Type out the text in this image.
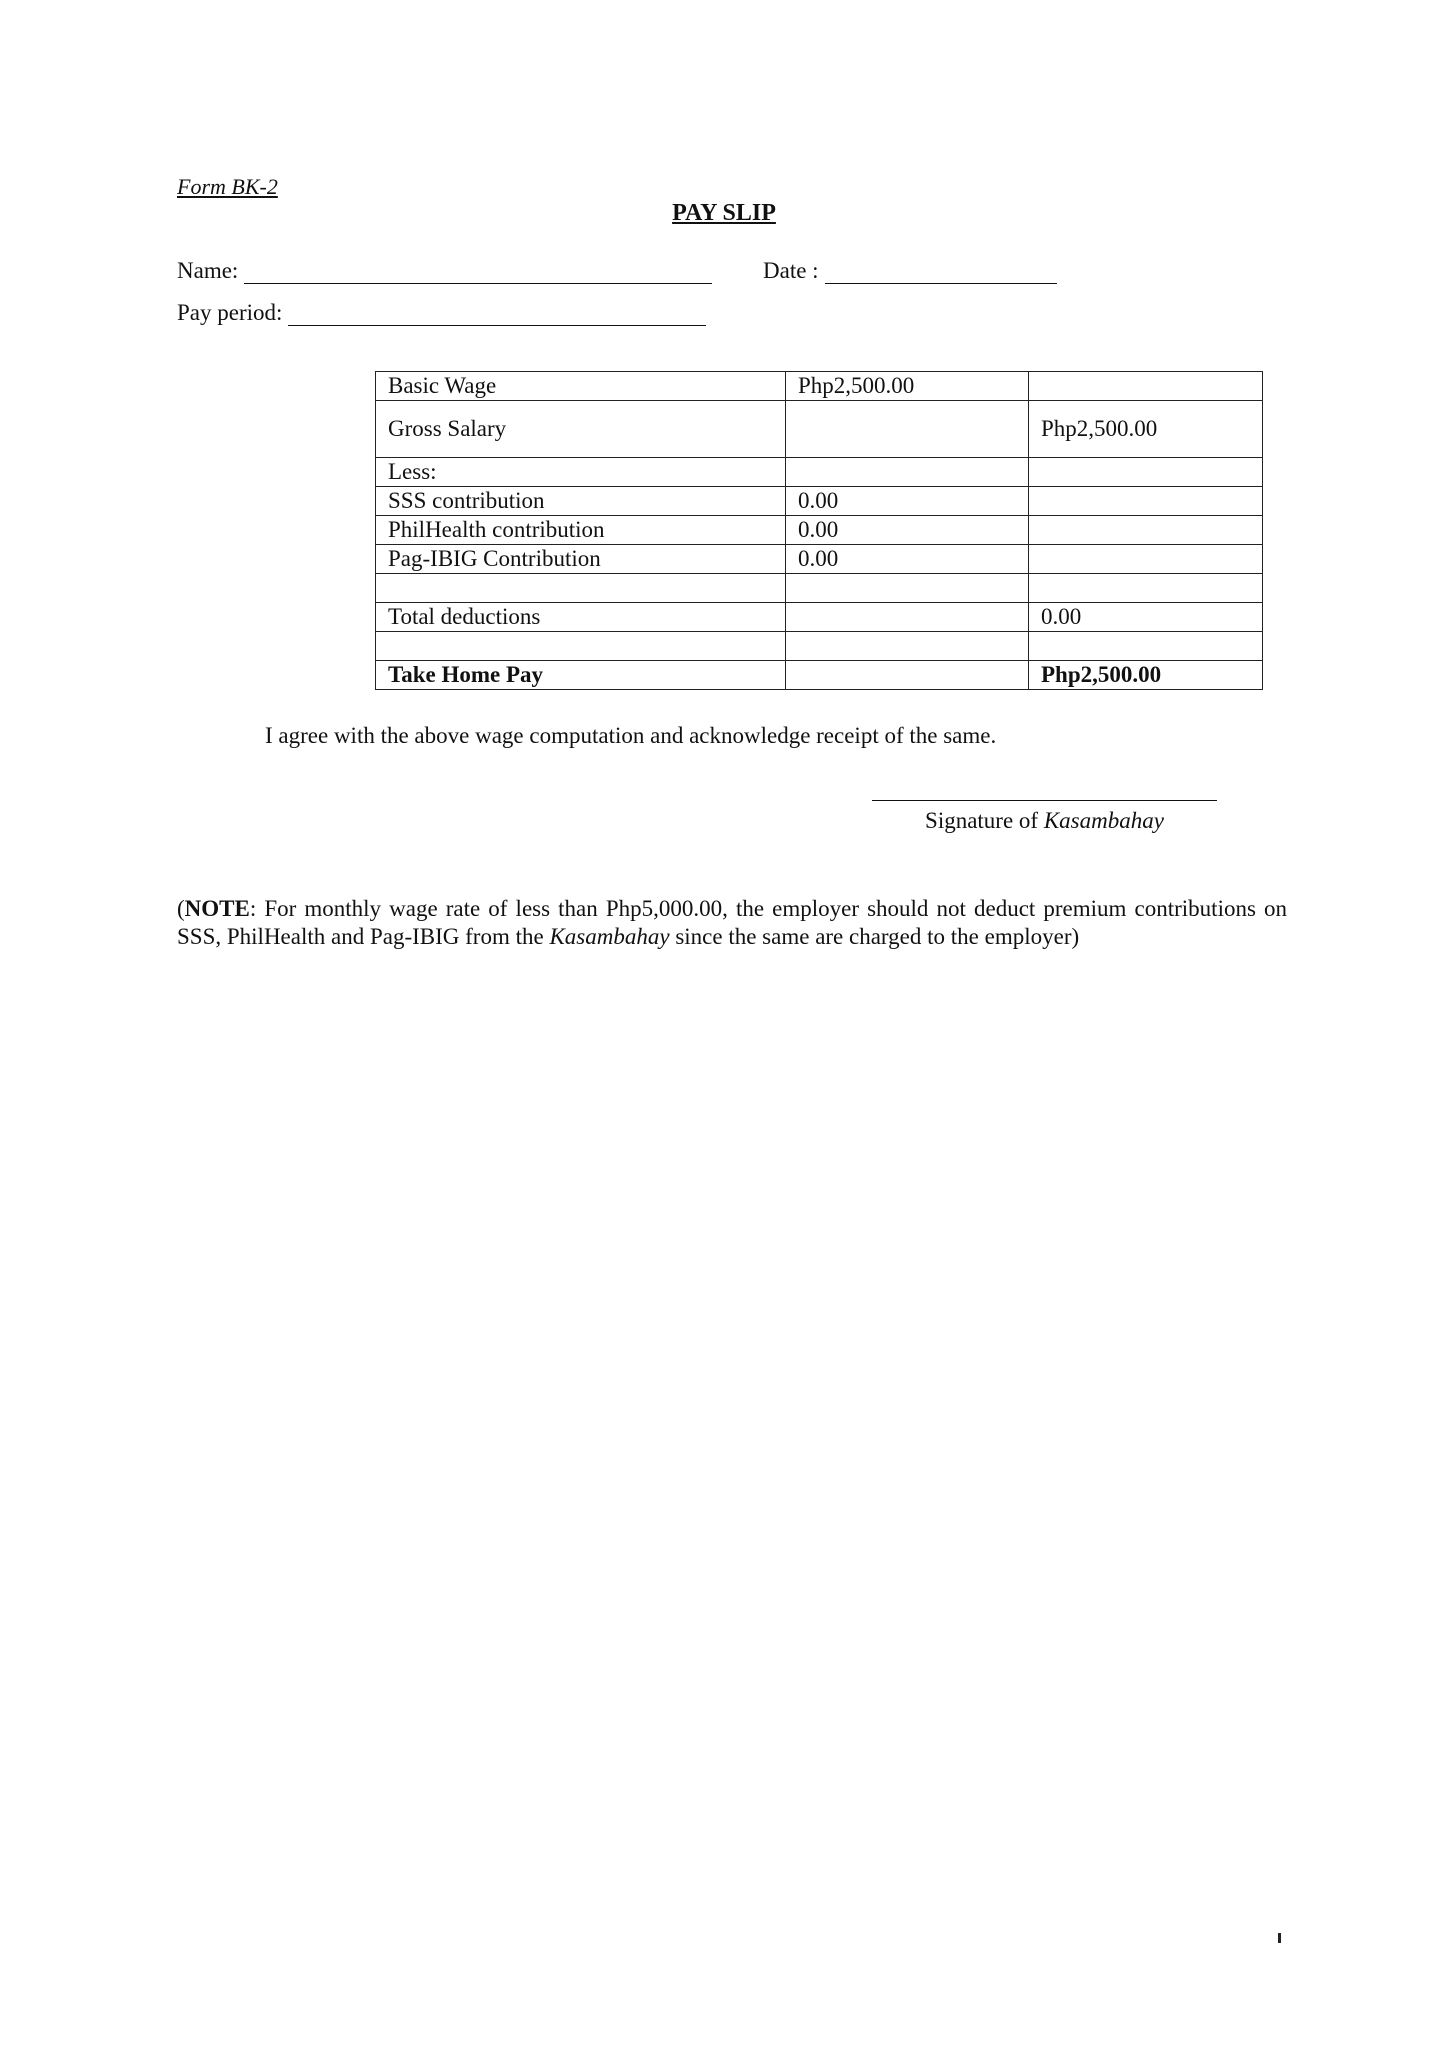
Form BK-2
PAY SLIP
Name:	Date :
Pay period:
Basic Wage	Php2,500.00	
Gross Salary		Php2,500.00
Less:		
SSS contribution	0.00	
PhilHealth contribution	0.00	
Pag-IBIG Contribution	0.00	

Total deductions		0.00

Take Home Pay		Php2,500.00
I agree with the above wage computation and acknowledge receipt of the same.
Signature of Kasambahay
(NOTE: For monthly wage rate of less than Php5,000.00, the employer should not deduct premium contributions on SSS, PhilHealth and Pag-IBIG from the Kasambahay since the same are charged to the employer)
